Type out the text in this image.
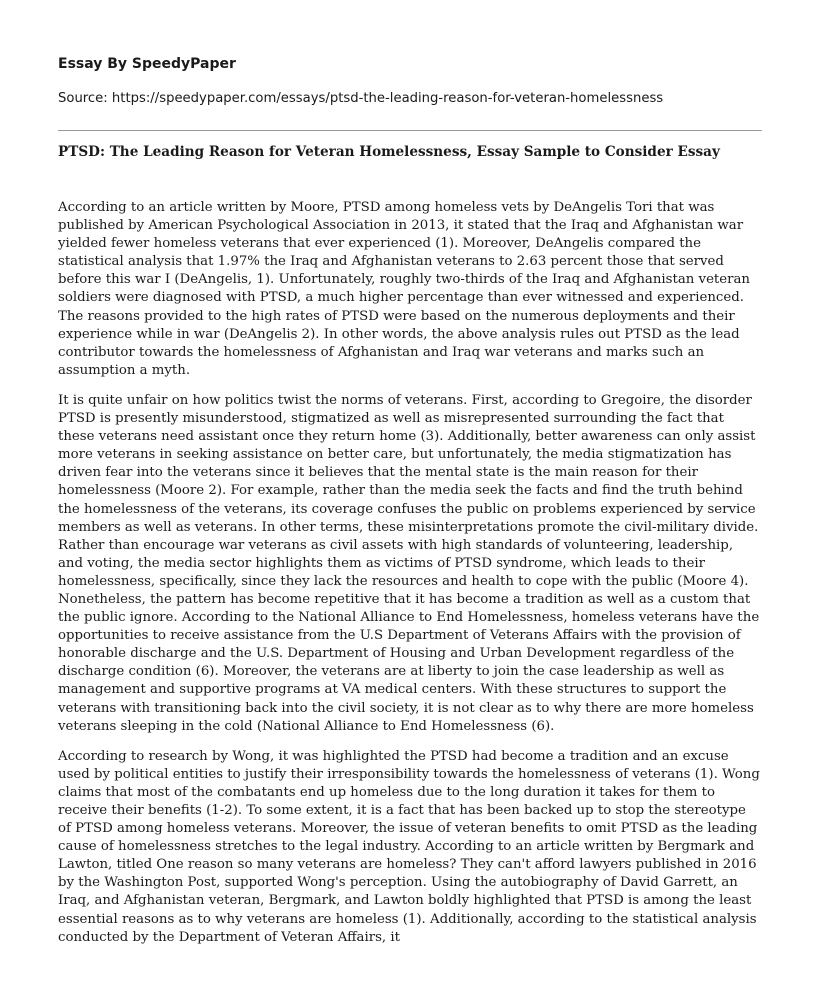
Essay By SpeedyPaper
Source: https://speedypaper.com/essays/ptsd-the-leading-reason-for-veteran-homelessness
PTSD: The Leading Reason for Veteran Homelessness, Essay Sample to Consider Essay

According to an article written by Moore, PTSD among homeless vets by DeAngelis Tori that was published by American Psychological Association in 2013, it stated that the Iraq and Afghanistan war yielded fewer homeless veterans that ever experienced (1). Moreover, DeAngelis compared the statistical analysis that 1.97% the Iraq and Afghanistan veterans to 2.63 percent those that served before this war I (DeAngelis, 1). Unfortunately, roughly two-thirds of the Iraq and Afghanistan veteran soldiers were diagnosed with PTSD, a much higher percentage than ever witnessed and experienced. The reasons provided to the high rates of PTSD were based on the numerous deployments and their experience while in war (DeAngelis 2). In other words, the above analysis rules out PTSD as the lead contributor towards the homelessness of Afghanistan and Iraq war veterans and marks such an assumption a myth.

It is quite unfair on how politics twist the norms of veterans. First, according to Gregoire, the disorder PTSD is presently misunderstood, stigmatized as well as misrepresented surrounding the fact that these veterans need assistant once they return home (3). Additionally, better awareness can only assist more veterans in seeking assistance on better care, but unfortunately, the media stigmatization has driven fear into the veterans since it believes that the mental state is the main reason for their homelessness (Moore 2). For example, rather than the media seek the facts and find the truth behind the homelessness of the veterans, its coverage confuses the public on problems experienced by service members as well as veterans. In other terms, these misinterpretations promote the civil-military divide. Rather than encourage war veterans as civil assets with high standards of volunteering, leadership, and voting, the media sector highlights them as victims of PTSD syndrome, which leads to their homelessness, specifically, since they lack the resources and health to cope with the public (Moore 4). Nonetheless, the pattern has become repetitive that it has become a tradition as well as a custom that the public ignore. According to the National Alliance to End Homelessness, homeless veterans have the opportunities to receive assistance from the U.S Department of Veterans Affairs with the provision of honorable discharge and the U.S. Department of Housing and Urban Development regardless of the discharge condition (6). Moreover, the veterans are at liberty to join the case leadership as well as management and supportive programs at VA medical centers. With these structures to support the veterans with transitioning back into the civil society, it is not clear as to why there are more homeless veterans sleeping in the cold (National Alliance to End Homelessness (6).

According to research by Wong, it was highlighted the PTSD had become a tradition and an excuse used by political entities to justify their irresponsibility towards the homelessness of veterans (1). Wong claims that most of the combatants end up homeless due to the long duration it takes for them to receive their benefits (1-2). To some extent, it is a fact that has been backed up to stop the stereotype of PTSD among homeless veterans. Moreover, the issue of veteran benefits to omit PTSD as the leading cause of homelessness stretches to the legal industry. According to an article written by Bergmark and Lawton, titled One reason so many veterans are homeless? They can't afford lawyers published in 2016 by the Washington Post, supported Wong's perception. Using the autobiography of David Garrett, an Iraq, and Afghanistan veteran, Bergmark, and Lawton boldly highlighted that PTSD is among the least essential reasons as to why veterans are homeless (1). Additionally, according to the statistical analysis conducted by the Department of Veteran Affairs, it
